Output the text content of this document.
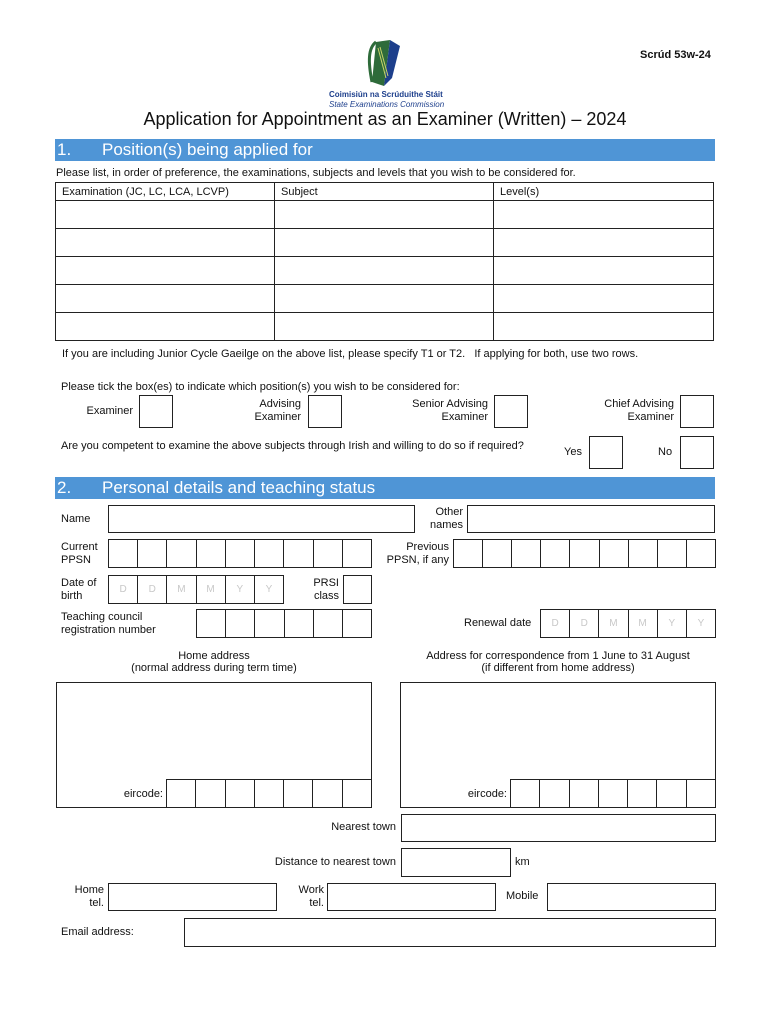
Scrúd 53w-24
Coimisiún na Scrúduithe Stáit
State Examinations Commission
Application for Appointment as an Examiner (Written) – 2024
1. Position(s) being applied for
Please list, in order of preference, the examinations, subjects and levels that you wish to be considered for.
Examination (JC, LC, LCA, LCVP)	Subject	Level(s)

If you are including Junior Cycle Gaeilge on the above list, please specify T1 or T2.   If applying for both, use two rows.
Please tick the box(es) to indicate which position(s) you wish to be considered for:
Examiner
Advising Examiner
Senior Advising Examiner
Chief Advising Examiner
Are you competent to examine the above subjects through Irish and willing to do so if required?	Yes	No
2. Personal details and teaching status
Name
Other names
Current PPSN
Previous PPSN, if any
Date of birth
D	D	M	M	Y	Y
PRSI class
Teaching council registration number
Renewal date	D	D	M	M	Y	Y
Home address
(normal address during term time)
Address for correspondence from 1 June to 31 August
(if different from home address)
eircode:	eircode:
Nearest town
Distance to nearest town	km
Home tel.
Work tel.
Mobile
Email address:
